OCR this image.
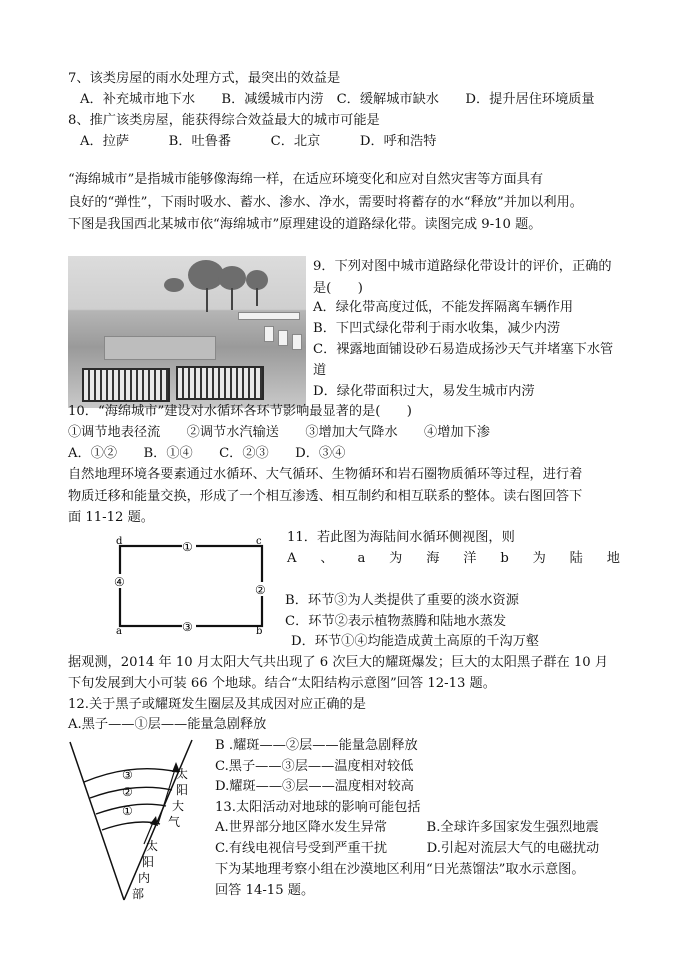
7、该类房屋的雨水处理方式，最突出的效益是
A．补充城市地下水　　B．减缓城市内涝　C．缓解城市缺水　　D．提升居住环境质量
8、推广该类房屋，能获得综合效益最大的城市可能是
A．拉萨　　　B．吐鲁番　　　C．北京　　　D．呼和浩特
“海绵城市”是指城市能够像海绵一样，在适应环境变化和应对自然灾害等方面具有
良好的“弹性”，下雨时吸水、蓄水、渗水、净水，需要时将蓄存的水“释放”并加以利用。
下图是我国西北某城市依“海绵城市”原理建设的道路绿化带。读图完成 9-10 题。
9．下列对图中城市道路绿化带设计的评价，正确的
是(　　)
A．绿化带高度过低，不能发挥隔离车辆作用
B．下凹式绿化带利于雨水收集，减少内涝
C．裸露地面铺设砂石易造成扬沙天气并堵塞下水管
道
D．绿化带面积过大，易发生城市内涝
10．“海绵城市”建设对水循环各环节影响最显著的是(　　)
①调节地表径流　　②调节水汽输送　　③增加大气降水　　④增加下渗
A．①②　　B．①④　　C．②③　　D．③④
自然地理环境各要素通过水循环、大气循环、生物循环和岩石圈物质循环等过程，进行着
物质迁移和能量交换，形成了一个相互渗透、相互制约和相互联系的整体。读右图回答下
面 11-12 题。
d	c
a	b
①
②
③
④
11．若此图为海陆间水循环侧视图，则
A 、 a 为 海 洋 b 为 陆 地
B．环节③为人类提供了重要的淡水资源
C．环节②表示植物蒸腾和陆地水蒸发
D．环节①④均能造成黄土高原的千沟万壑
据观测，2014 年 10 月太阳大气共出现了 6 次巨大的耀斑爆发；巨大的太阳黑子群在 10 月
下旬发展到大小可装 66 个地球。结合“太阳结构示意图”回答 12-13 题。
12.关于黑子或耀斑发生圈层及其成因对应正确的是
A.黑子——①层——能量急剧释放
B .耀斑——②层——能量急剧释放
C.黑子——③层——温度相对较低
D.耀斑——③层——温度相对较高
③
②
①
太
阳
大
气
太
阳
内
部
13.太阳活动对地球的影响可能包括
A.世界部分地区降水发生异常　　　B.全球许多国家发生强烈地震
C.有线电视信号受到严重干扰　　　D.引起对流层大气的电磁扰动
下为某地理考察小组在沙漠地区利用“日光蒸馏法”取水示意图。
回答 14-15 题。
